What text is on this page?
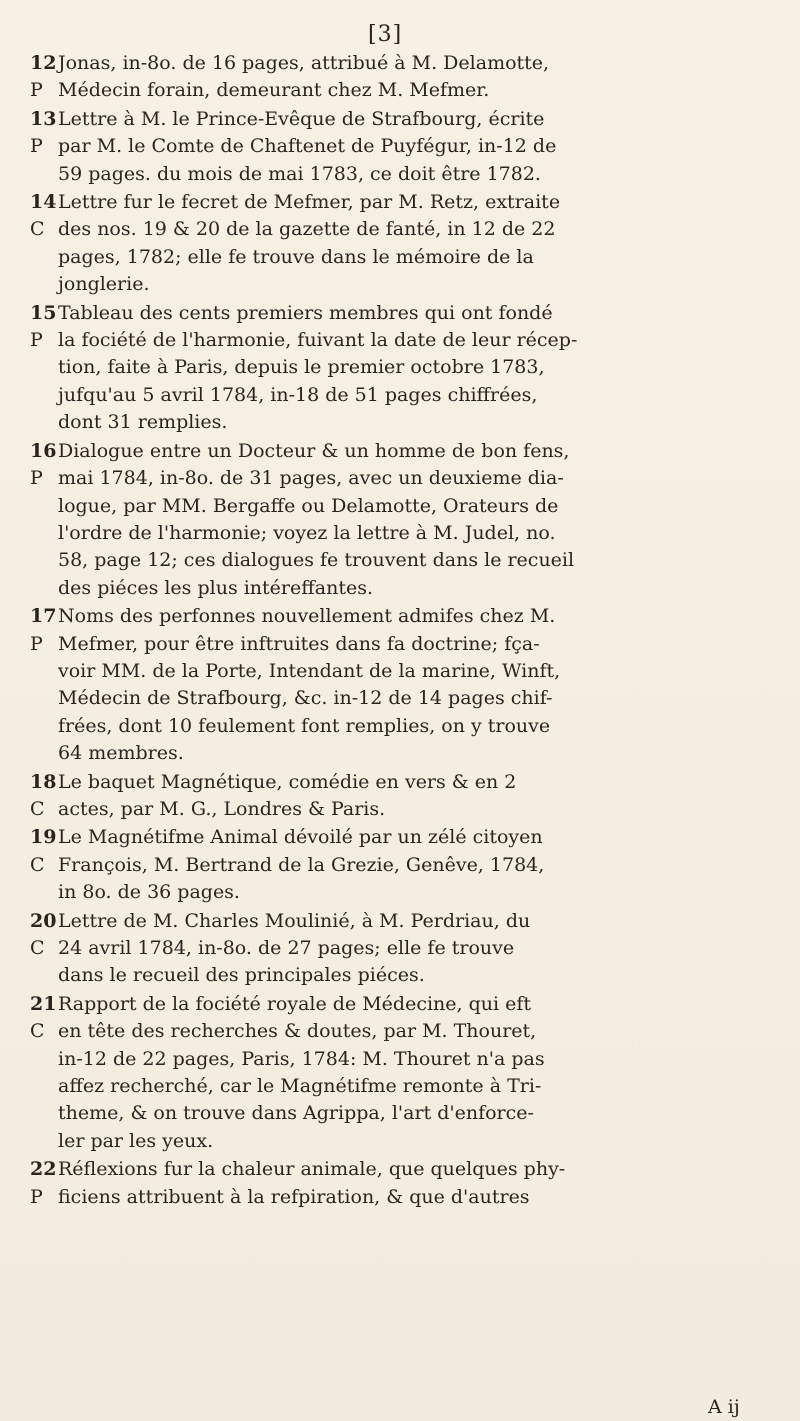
[3]
12Jonas, in-8o. de 16 pages, attribué à M. Delamotte,
P Médecin forain, demeurant chez M. Mefmer.
13Lettre à M. le Prince-Evêque de Strafbourg, écrite
P par M. le Comte de Chaftenet de Puyfégur, in-12 de
59 pages. du mois de mai 1783, ce doit être 1782.
14Lettre fur le fecret de Mefmer, par M. Retz, extraite
C des nos. 19 & 20 de la gazette de fanté, in 12 de 22
pages, 1782; elle fe trouve dans le mémoire de la
jonglerie.
15Tableau des cents premiers membres qui ont fondé
P la fociété de l'harmonie, fuivant la date de leur récep-
tion, faite à Paris, depuis le premier octobre 1783,
jufqu'au 5 avril 1784, in-18 de 51 pages chiffrées,
dont 31 remplies.
16Dialogue entre un Docteur & un homme de bon fens,
P mai 1784, in-8o. de 31 pages, avec un deuxieme dia-
logue, par MM. Bergaffe ou Delamotte, Orateurs de
l'ordre de l'harmonie; voyez la lettre à M. Judel, no.
58, page 12; ces dialogues fe trouvent dans le recueil
des piéces les plus intéreffantes.
17Noms des perfonnes nouvellement admifes chez M.
P Mefmer, pour être inftruites dans fa doctrine; fça-
voir MM. de la Porte, Intendant de la marine, Winft,
Médecin de Strafbourg, &c. in-12 de 14 pages chif-
frées, dont 10 feulement font remplies, on y trouve
64 membres.
18Le baquet Magnétique, comédie en vers & en 2
C actes, par M. G., Londres & Paris.
19Le Magnétifme Animal dévoilé par un zélé citoyen
C François, M. Bertrand de la Grezie, Genêve, 1784,
in 8o. de 36 pages.
20Lettre de M. Charles Moulinié, à M. Perdriau, du
C 24 avril 1784, in-8o. de 27 pages; elle fe trouve
dans le recueil des principales piéces.
21Rapport de la fociété royale de Médecine, qui eft
C en tête des recherches & doutes, par M. Thouret,
in-12 de 22 pages, Paris, 1784: M. Thouret n'a pas
affez recherché, car le Magnétifme remonte à Tri-
theme, & on trouve dans Agrippa, l'art d'enforce-
ler par les yeux.
22Réflexions fur la chaleur animale, que quelques phy-
P ficiens attribuent à la refpiration, & que d'autres
A ij
